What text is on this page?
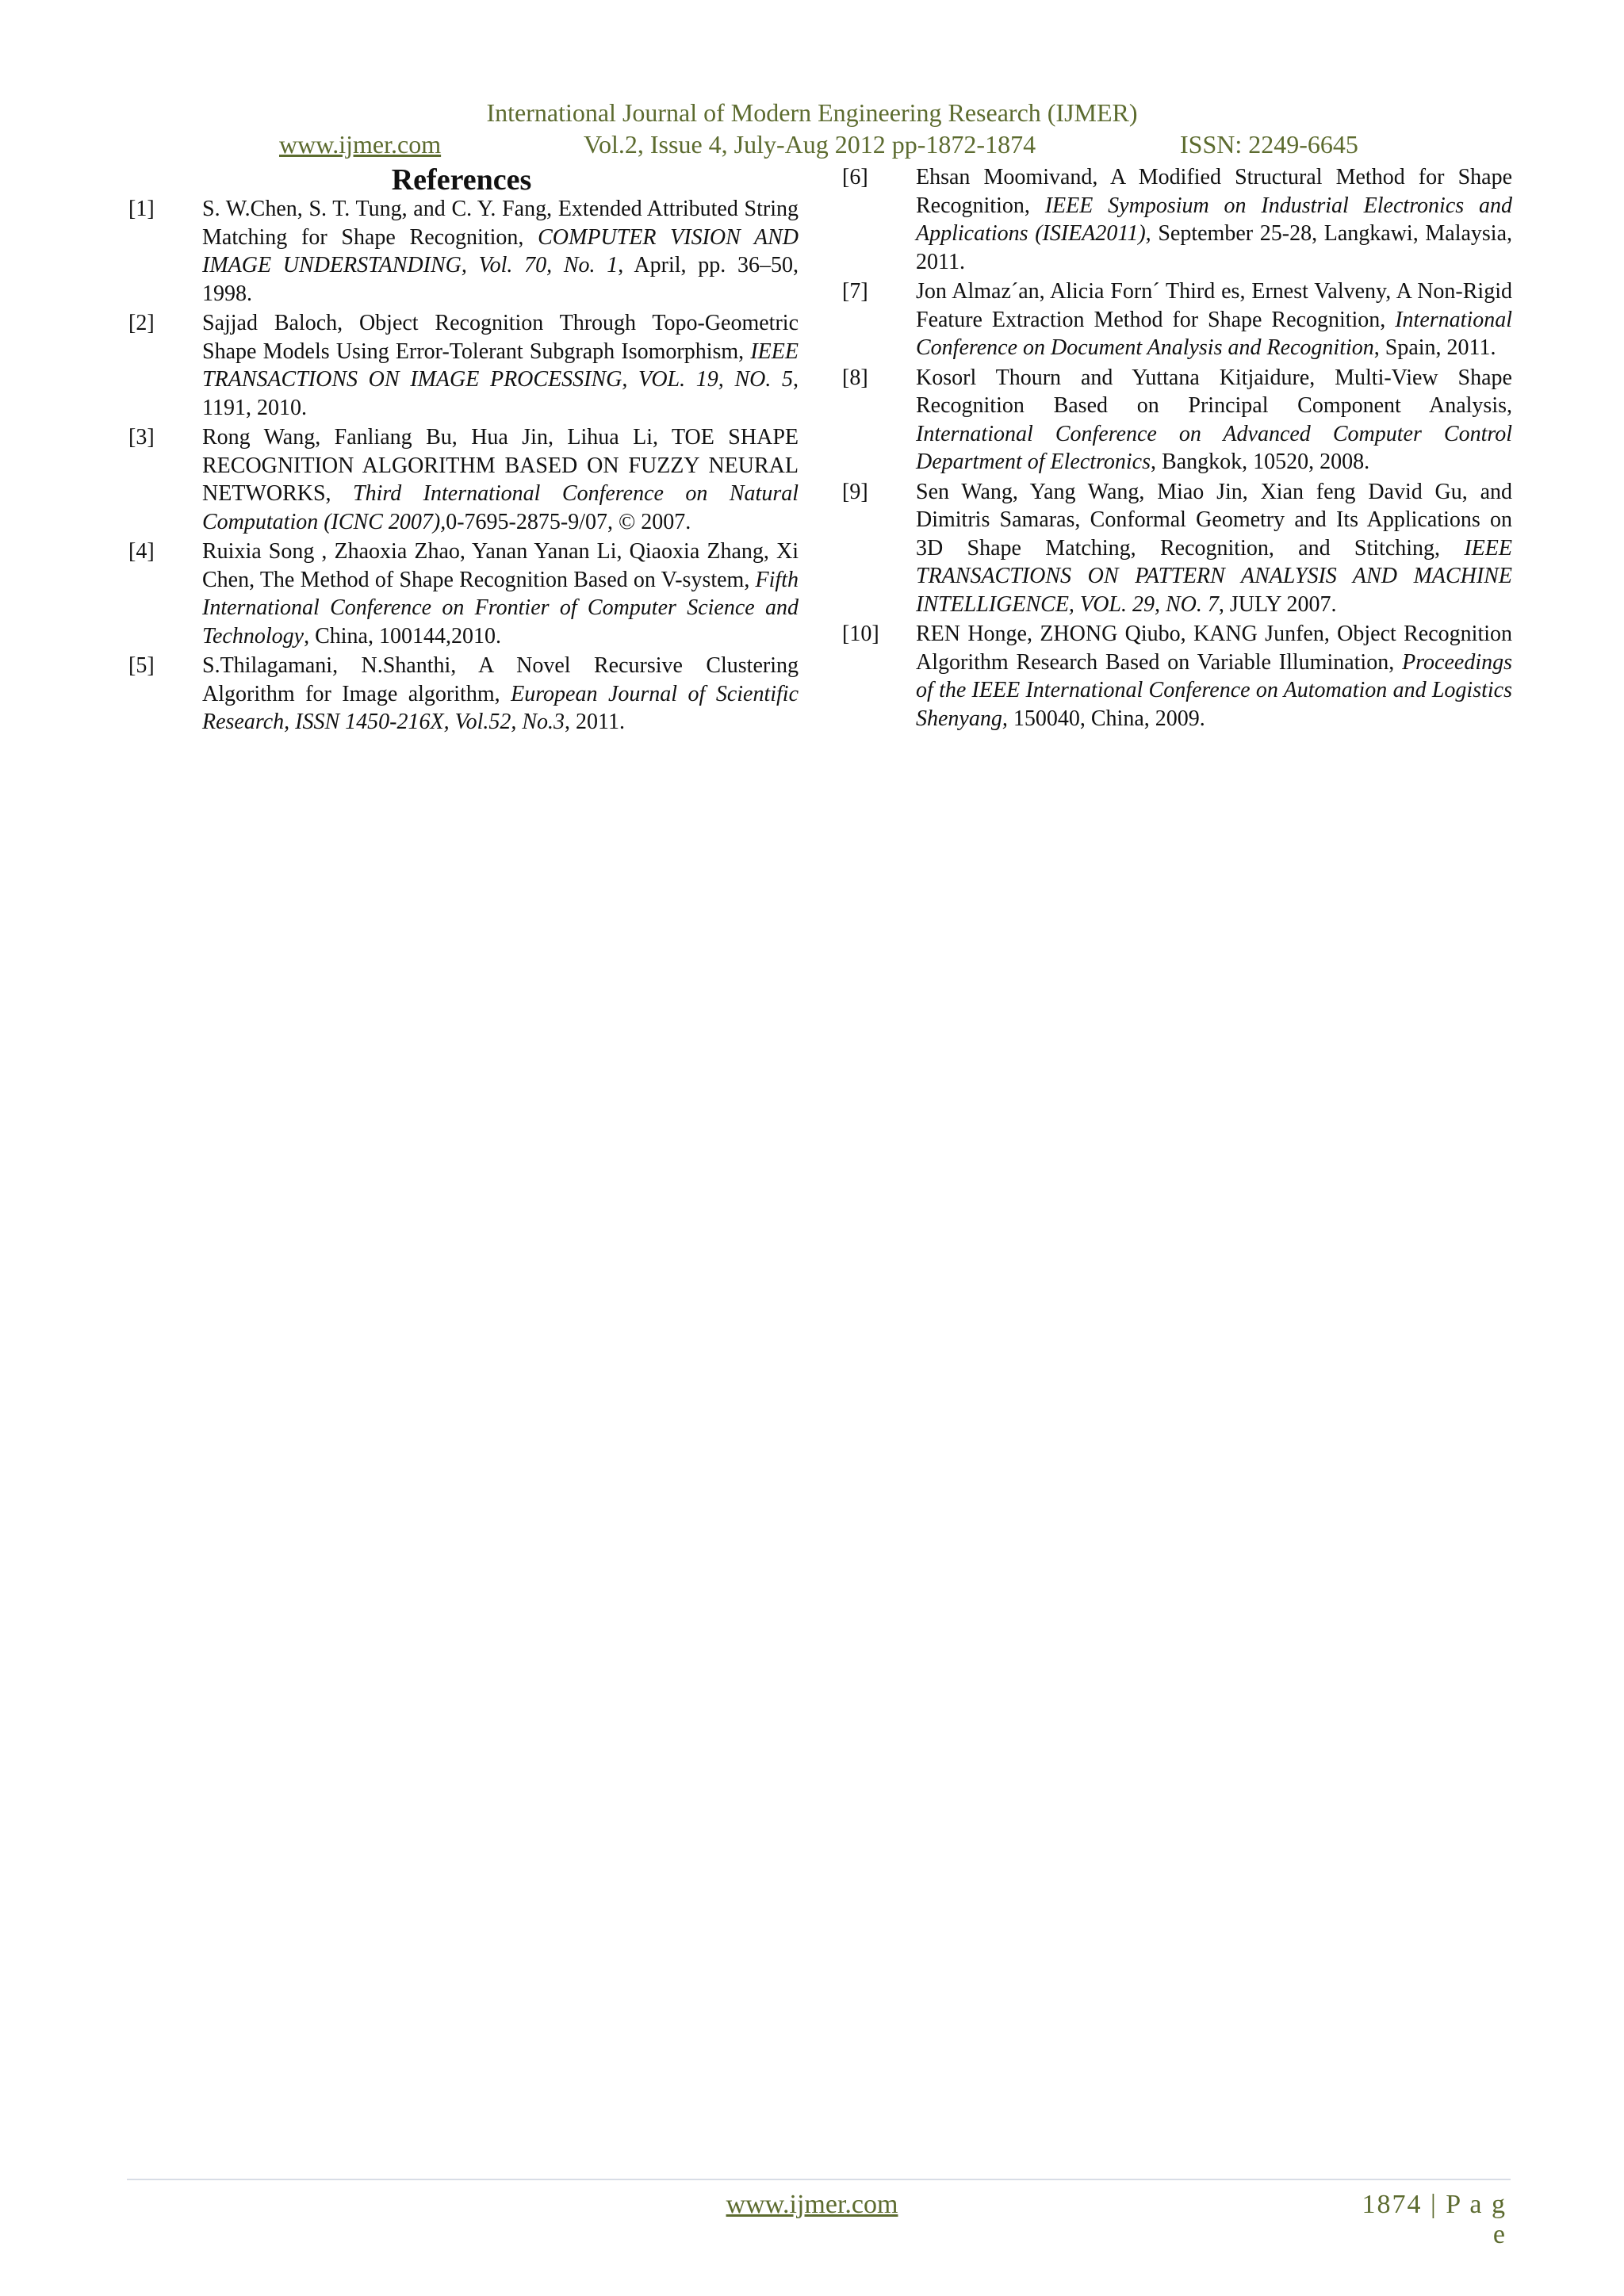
International Journal of Modern Engineering Research (IJMER)
www.ijmer.com	Vol.2, Issue 4, July-Aug 2012 pp-1872-1874	ISSN: 2249-6645
References
[1]	S. W.Chen, S. T. Tung, and C. Y. Fang, Extended Attributed String Matching for Shape Recognition, COMPUTER VISION AND IMAGE UNDERSTANDING, Vol. 70, No. 1, April, pp. 36–50, 1998.
[2]	Sajjad Baloch, Object Recognition Through Topo-Geometric Shape Models Using Error-Tolerant Subgraph Isomorphism, IEEE TRANSACTIONS ON IMAGE PROCESSING, VOL. 19, NO. 5, 1191, 2010.
[3]	Rong Wang, Fanliang Bu, Hua Jin, Lihua Li, TOE SHAPE RECOGNITION ALGORITHM BASED ON FUZZY NEURAL NETWORKS, Third International Conference on Natural Computation (ICNC 2007),0-7695-2875-9/07, © 2007.
[4]	Ruixia Song , Zhaoxia Zhao, Yanan Yanan Li, Qiaoxia Zhang, Xi Chen, The Method of Shape Recognition Based on V-system, Fifth International Conference on Frontier of Computer Science and Technology, China, 100144,2010.
[5]	S.Thilagamani, N.Shanthi, A Novel Recursive Clustering Algorithm for Image algorithm, European Journal of Scientific Research, ISSN 1450-216X, Vol.52, No.3, 2011.
[6]	Ehsan Moomivand, A Modified Structural Method for Shape Recognition, IEEE Symposium on Industrial Electronics and Applications (ISIEA2011), September 25-28, Langkawi, Malaysia, 2011.
[7]	Jon Almaz´an, Alicia Forn´ Third es, Ernest Valveny, A Non-Rigid Feature Extraction Method for Shape Recognition, International Conference on Document Analysis and Recognition, Spain, 2011.
[8]	Kosorl Thourn and Yuttana Kitjaidure, Multi-View Shape Recognition Based on Principal Component Analysis, International Conference on Advanced Computer Control Department of Electronics, Bangkok, 10520, 2008.
[9]	Sen Wang, Yang Wang, Miao Jin, Xian feng David Gu, and Dimitris Samaras, Conformal Geometry and Its Applications on 3D Shape Matching, Recognition, and Stitching, IEEE TRANSACTIONS ON PATTERN ANALYSIS AND MACHINE INTELLIGENCE, VOL. 29, NO. 7, JULY 2007.
[10]	REN Honge, ZHONG Qiubo, KANG Junfen, Object Recognition Algorithm Research Based on Variable Illumination, Proceedings of the IEEE International Conference on Automation and Logistics Shenyang, 150040, China, 2009.
www.ijmer.com	1874 | P a g e
